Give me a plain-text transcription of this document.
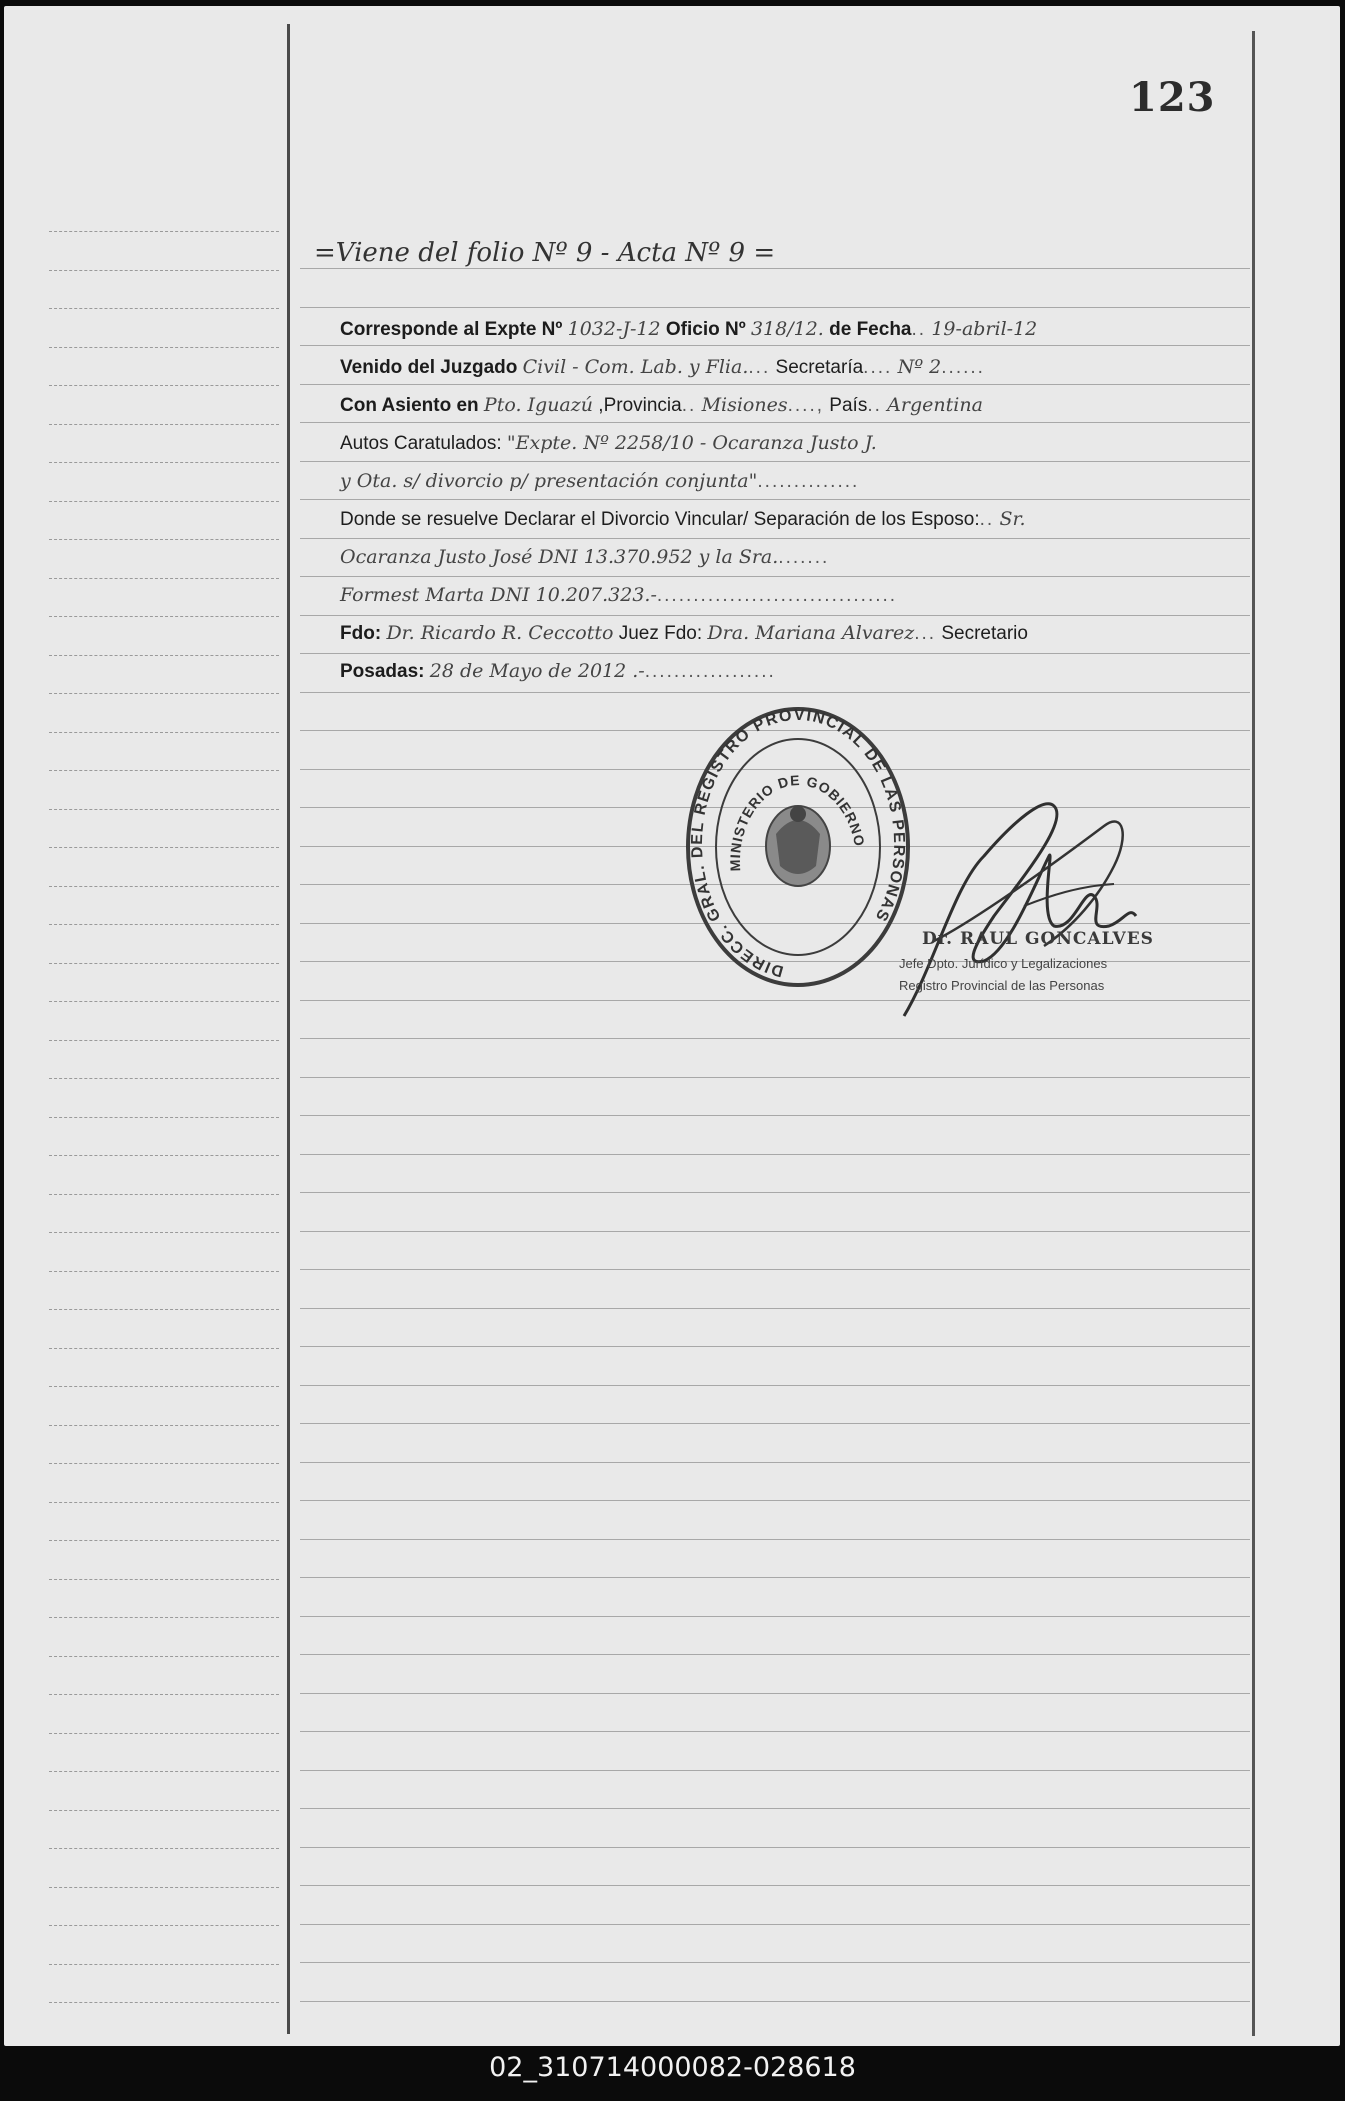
123
=Viene del folio Nº 9 - Acta Nº 9 =
Corresponde al Expte Nº 1032-J-12 Oficio Nº 318/12. de Fecha.. 19-abril-12
Venido del Juzgado Civil - Com. Lab. y Flia.... Secretaría.... Nº 2......
Con Asiento en Pto. Iguazú ,Provincia.. Misiones...., País.. Argentina
Autos Caratulados: "Expte. Nº 2258/10 - Ocaranza Justo J.
y Ota. s/ divorcio p/ presentación conjunta"..............
Donde se resuelve Declarar el Divorcio Vincular/ Separación de los Esposo:.. Sr.
Ocaranza Justo José DNI 13.370.952 y la Sra........
Formest Marta DNI 10.207.323.-.................................
Fdo: Dr. Ricardo R. Ceccotto Juez Fdo: Dra. Mariana Alvarez... Secretario
Posadas: 28 de Mayo de 2012 .-..................
DIRECC. GRAL. DEL REGISTRO PROVINCIAL DE LAS PERSONAS
MINISTERIO DE GOBIERNO
Dr. RAUL GONCALVES
Jefe Dpto. Jurídico y Legalizaciones
Registro Provincial de las Personas
02_310714000082-028618
